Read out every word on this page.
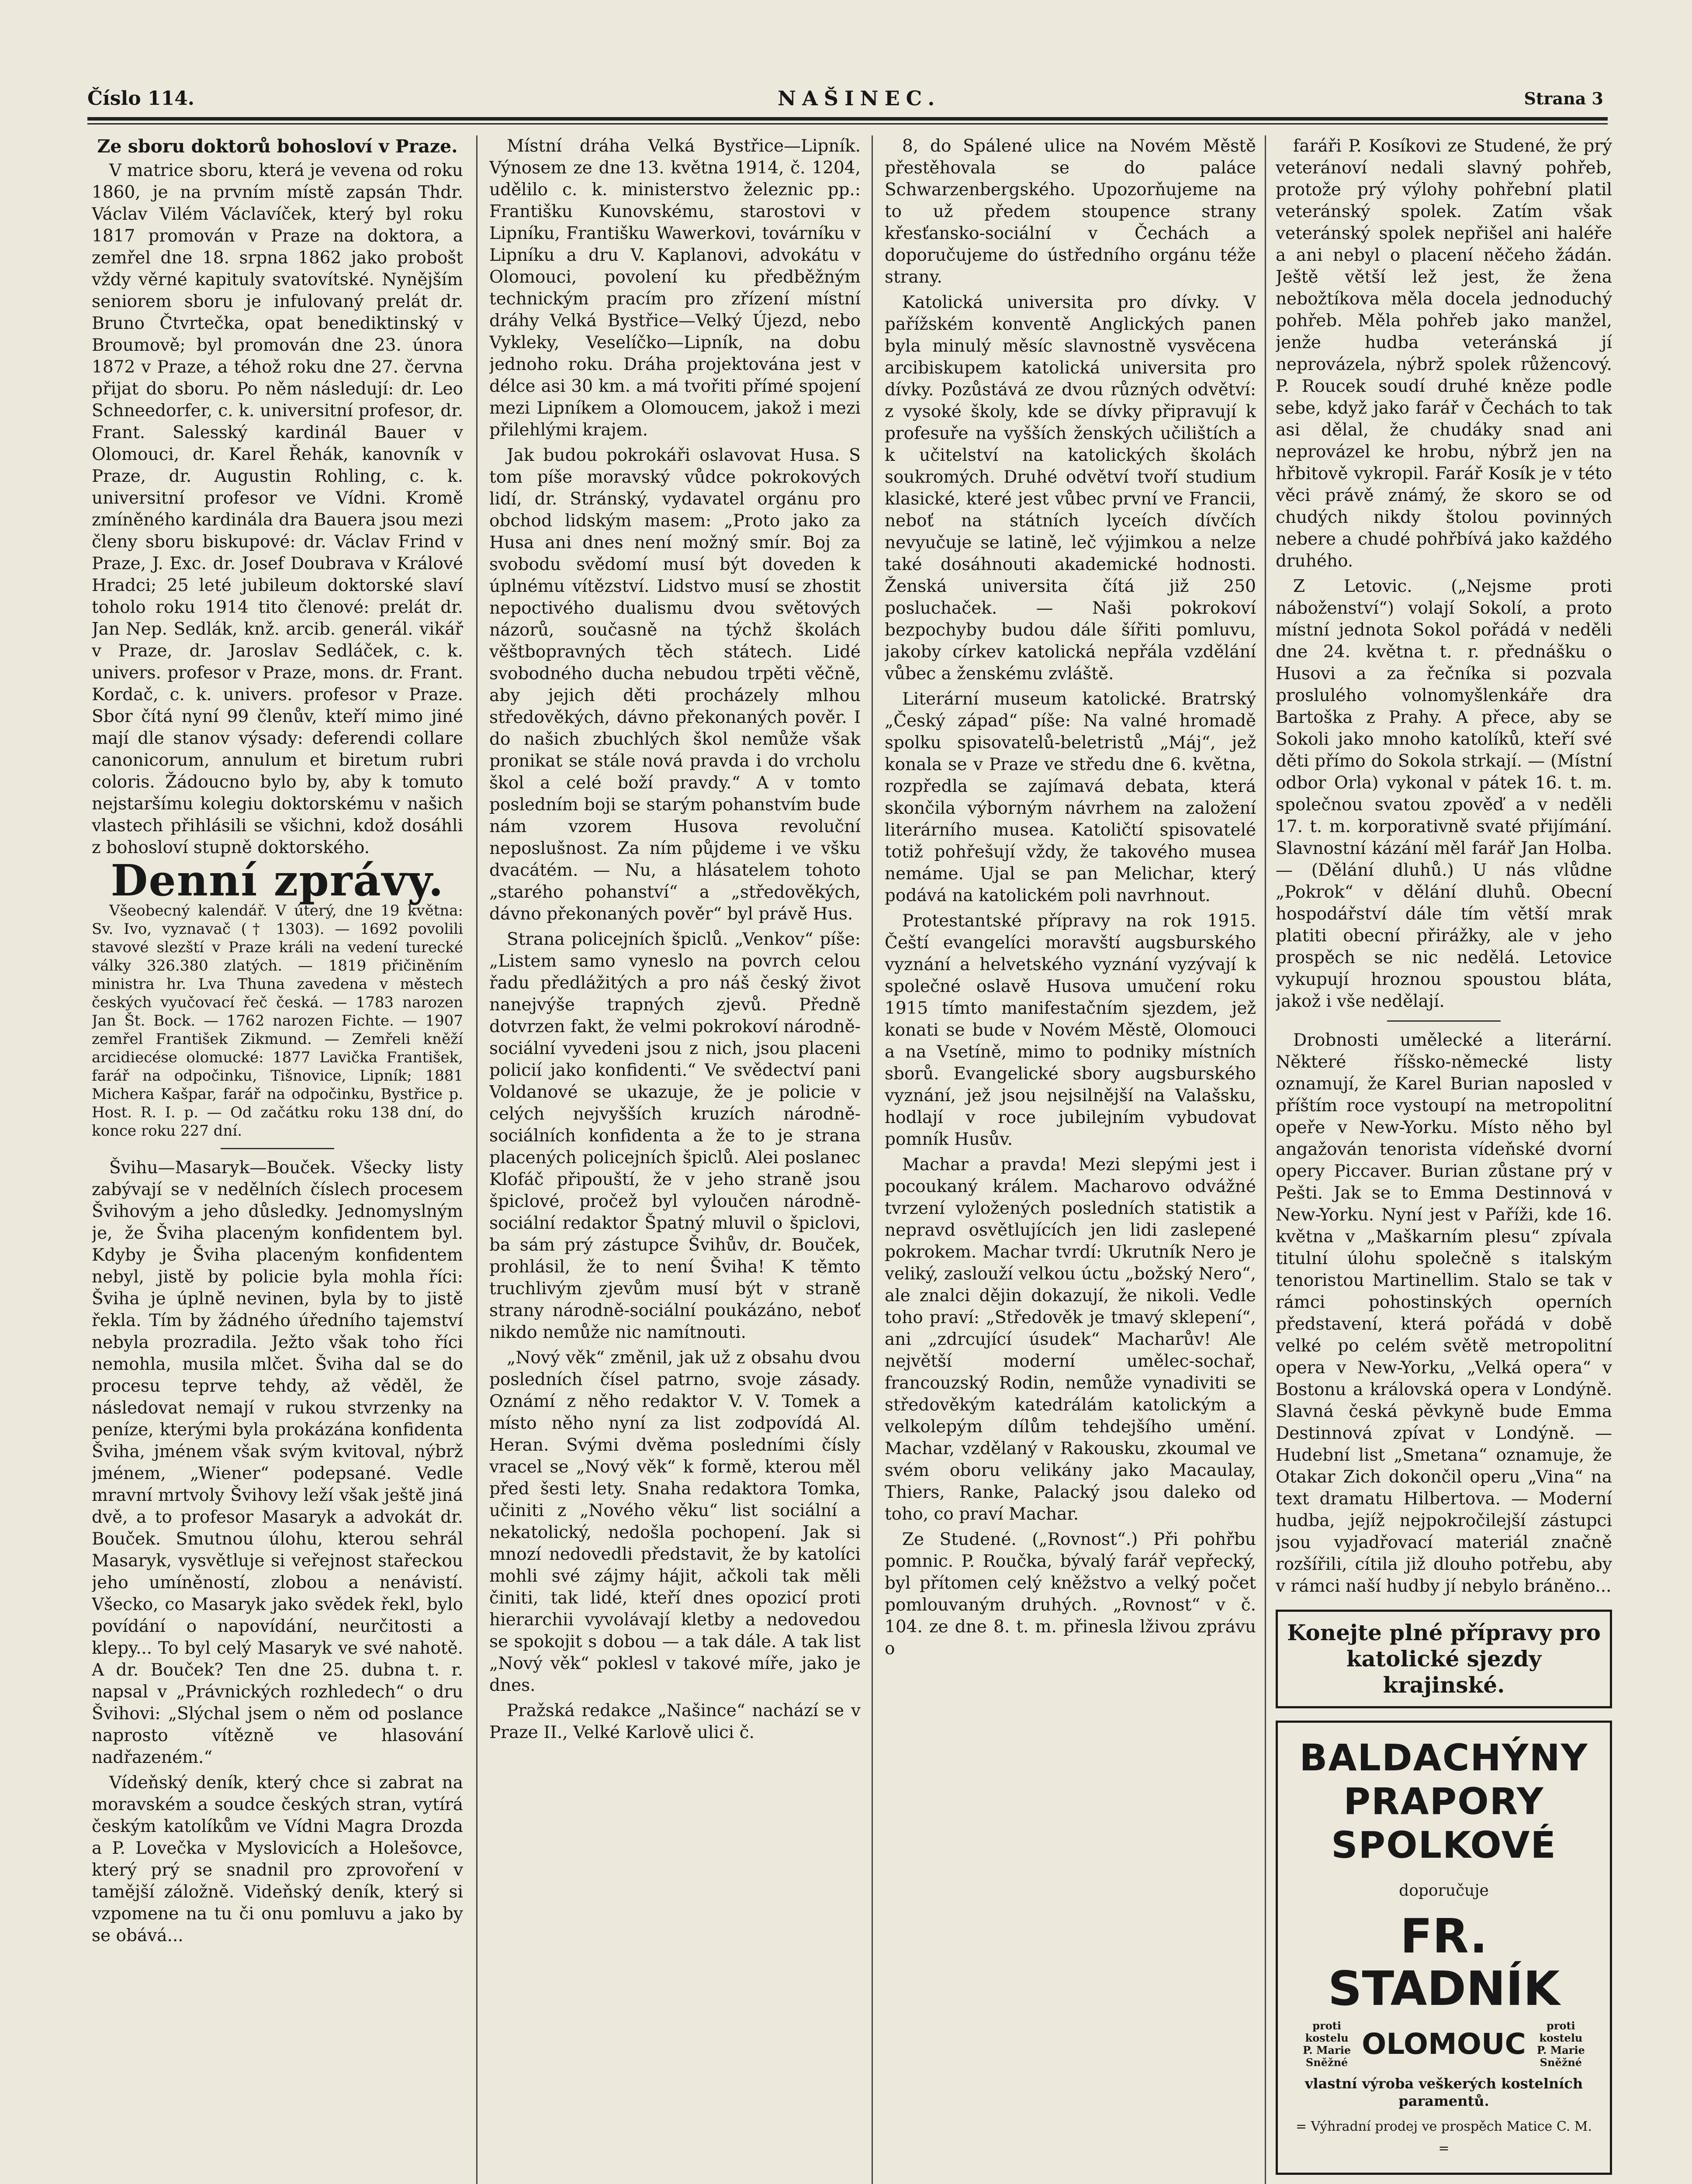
Číslo 114.	NAŠINEC.	Strana 3
Ze sboru doktorů bohosloví v Praze.

V matrice sboru, která je vevena od roku 1860, je na prvním místě zapsán Thdr. Václav Vilém Václavíček, který byl roku 1817 promován v Praze na doktora, a zemřel dne 18. srpna 1862 jako probošt vždy věrné kapituly svatovítské. Nynějším seniorem sboru je infulovaný prelát dr. Bruno Čtvrtečka, opat benediktinský v Broumově; byl promován dne 23. února 1872 v Praze, a téhož roku dne 27. června přijat do sboru. Po něm následují: dr. Leo Schneedorfer, c. k. universitní profesor, dr. Frant. Salesský kardinál Bauer v Olomouci, dr. Karel Řehák, kanovník v Praze, dr. Augustin Rohling, c. k. universitní profesor ve Vídni. Kromě zmíněného kardinála dra Bauera jsou mezi členy sboru biskupové: dr. Václav Frind v Praze, J. Exc. dr. Josef Doubrava v Králové Hradci; 25 leté jubileum doktorské slaví toholo roku 1914 tito členové: prelát dr. Jan Nep. Sedlák, knž. arcib. generál. vikář v Praze, dr. Jaroslav Sedláček, c. k. univers. profesor v Praze, mons. dr. Frant. Kordač, c. k. univers. profesor v Praze. Sbor čítá nyní 99 členův, kteří mimo jiné mají dle stanov výsady: deferendi collare canonicorum, annulum et biretum rubri coloris. Žádoucno bylo by, aby k tomuto nejstaršímu kolegiu doktorskému v našich vlastech přihlásili se všichni, kdož dosáhli z bohosloví stupně doktorského.

Denní zprávy.

Všeobecný kalendář. V úterý, dne 19 května: Sv. Ivo, vyznavač († 1303). — 1692 povolili stavové slezští v Praze králi na vedení turecké války 326.380 zlatých. — 1819 přičiněním ministra hr. Lva Thuna zavedena v městech českých vyučovací řeč česká. — 1783 narozen Jan Št. Bock. — 1762 narozen Fichte. — 1907 zemřel František Zikmund. — Zemřeli kněží arcidiecése olomucké: 1877 Lavička František, farář na odpočinku, Tišnovice, Lipník; 1881 Michera Kašpar, farář na odpočinku, Bystřice p. Host. R. I. p. — Od začátku roku 138 dní, do konce roku 227 dní.

Švihu—Masaryk—Bouček. Všecky listy zabývají se v nedělních číslech procesem Švihovým a jeho důsledky. Jednomyslným je, že Šviha placeným konfidentem byl. Kdyby je Šviha placeným konfidentem nebyl, jistě by policie byla mohla říci: Šviha je úplně nevinen, byla by to jistě řekla. Tím by žádného úředního tajemství nebyla prozradila. Ježto však toho říci nemohla, musila mlčet. Šviha dal se do procesu teprve tehdy, až věděl, že následovat nemají v rukou stvrzenky na peníze, kterými byla prokázána konfidenta Šviha, jménem však svým kvitoval, nýbrž jménem, „Wiener“ podepsané. Vedle mravní mrtvoly Švihovy leží však ještě jiná dvě, a to profesor Masaryk a advokát dr. Bouček. Smutnou úlohu, kterou sehrál Masaryk, vysvětluje si veřejnost stařeckou jeho umíněností, zlobou a nenávistí. Všecko, co Masaryk jako svědek řekl, bylo povídání o napovídání, neurčitosti a klepy... To byl celý Masaryk ve své nahotě. A dr. Bouček? Ten dne 25. dubna t. r. napsal v „Právnických rozhledech“ o dru Švihovi: „Slýchal jsem o něm od poslance naprosto vítězně ve hlasování nadřazeném.“

Vídeňský deník, který chce si zabrat na moravském a soudce českých stran, vytírá českým katolíkům ve Vídni Magra Drozda a P. Lovečka v Myslovicích a Holešovce, který prý se snadnil pro zprovoření v tamější záložně. Videňský deník, který si vzpomene na tu či onu pomluvu a jako by se obává...

Místní dráha Velká Bystřice—Lipník. Výnosem ze dne 13. května 1914, č. 1204, udělilo c. k. ministerstvo železnic pp.: Františku Kunovskému, starostovi v Lipníku, Františku Wawerkovi, továrníku v Lipníku a dru V. Kaplanovi, advokátu v Olomouci, povolení ku předběžným technickým pracím pro zřízení místní dráhy Velká Bystřice—Velký Újezd, nebo Vykleky, Veselíčko—Lipník, na dobu jednoho roku. Dráha projektována jest v délce asi 30 km. a má tvořiti přímé spojení mezi Lipníkem a Olomoucem, jakož i mezi přilehlými krajem.

Jak budou pokrokáři oslavovat Husa. S tom píše moravský vůdce pokrokových lidí, dr. Stránský, vydavatel orgánu pro obchod lidským masem: „Proto jako za Husa ani dnes není možný smír. Boj za svobodu svědomí musí být doveden k úplnému vítězství. Lidstvo musí se zhostit nepoctivého dualismu dvou světových názorů, současně na týchž školách věštbopravných těch státech. Lidé svobodného ducha nebudou trpěti věčně, aby jejich děti procházely mlhou středověkých, dávno překonaných pověr. I do našich zbuchlých škol nemůže však pronikat se stále nová pravda i do vrcholu škol a celé boží pravdy.“ A v tomto posledním boji se starým pohanstvím bude nám vzorem Husova revoluční neposlušnost. Za ním půjdeme i ve všku dvacátém. — Nu, a hlásatelem tohoto „starého pohanství“ a „středověkých, dávno překonaných pověr“ byl právě Hus.

Strana policejních špiclů. „Venkov“ píše: „Listem samo vyneslo na povrch celou řadu předlážitých a pro náš český život nanejvýše trapných zjevů. Předně dotvrzen fakt, že velmi pokrokoví národně-sociální vyvedeni jsou z nich, jsou placeni policií jako konfidenti.“ Ve svědectví pani Voldanové se ukazuje, že je policie v celých nejvyšších kruzích národně-sociálních konfidenta a že to je strana placených policejních špiclů. Alei poslanec Klofáč připouští, že v jeho straně jsou špiclové, pročež byl vyloučen národně-sociální redaktor Špatný mluvil o špiclovi, ba sám prý zástupce Švihův, dr. Bouček, prohlásil, že to není Šviha! K těmto truchlivým zjevům musí být v straně strany národně-sociální poukázáno, neboť nikdo nemůže nic namítnouti.

„Nový věk“ změnil, jak už z obsahu dvou posledních čísel patrno, svoje zásady. Oznámí z něho redaktor V. V. Tomek a místo něho nyní za list zodpovídá Al. Heran. Svými dvěma posledními čísly vracel se „Nový věk“ k formě, kterou měl před šesti lety. Snaha redaktora Tomka, učiniti z „Nového věku“ list sociální a nekatolický, nedošla pochopení. Jak si mnozí nedovedli představit, že by katolíci mohli své zájmy hájit, ačkoli tak měli činiti, tak lidé, kteří dnes opozicí proti hierarchii vyvolávají kletby a nedovedou se spokojit s dobou — a tak dále. A tak list „Nový věk“ poklesl v takové míře, jako je dnes.

Pražská redakce „Našince“ nachází se v Praze II., Velké Karlově ulici č.

8, do Spálené ulice na Novém Městě přestěhovala se do paláce Schwarzenbergského. Upozorňujeme na to už předem stoupence strany křesťansko-sociální v Čechách a doporučujeme do ústředního orgánu téže strany.

Katolická universita pro dívky. V pařížském konventě Anglických panen byla minulý měsíc slavnostně vysvěcena arcibiskupem katolická universita pro dívky. Pozůstává ze dvou různých odvětví: z vysoké školy, kde se dívky připravují k profesuře na vyšších ženských učilištích a k učitelství na katolických školách soukromých. Druhé odvětví tvoří studium klasické, které jest vůbec první ve Francii, neboť na státních lyceích dívčích nevyučuje se latině, leč výjimkou a nelze také dosáhnouti akademické hodnosti. Ženská universita čítá již 250 posluchaček. — Naši pokrokoví bezpochyby budou dále šířiti pomluvu, jakoby církev katolická nepřála vzdělání vůbec a ženskému zvláště.

Literární museum katolické. Bratrský „Český západ“ píše: Na valné hromadě spolku spisovatelů-beletristů „Máj“, jež konala se v Praze ve středu dne 6. května, rozpředla se zajímavá debata, která skončila výborným návrhem na založení literárního musea. Katoličtí spisovatelé totiž pohřešují vždy, že takového musea nemáme. Ujal se pan Melichar, který podává na katolickém poli navrhnout.

Protestantské přípravy na rok 1915. Čeští evangelíci moravští augsburského vyznání a helvetského vyznání vyzývají k společné oslavě Husova umučení roku 1915 tímto manifestačním sjezdem, jež konati se bude v Novém Městě, Olomouci a na Vsetíně, mimo to podniky místních sborů. Evangelické sbory augsburského vyznání, jež jsou nejsilnější na Valašsku, hodlají v roce jubilejním vybudovat pomník Husův.

Machar a pravda! Mezi slepými jest i pocoukaný králem. Macharovo odvážné tvrzení vyložených posledních statistik a nepravd osvětlujících jen lidi zaslepené pokrokem. Machar tvrdí: Ukrutník Nero je veliký, zaslouží velkou úctu „božský Nero“, ale znalci dějin dokazují, že nikoli. Vedle toho praví: „Středověk je tmavý sklepení“, ani „zdrcující úsudek“ Macharův! Ale největší moderní umělec-sochař, francouzský Rodin, nemůže vynadiviti se středověkým katedrálám katolickým a velkolepým dílům tehdejšího umění. Machar, vzdělaný v Rakousku, zkoumal ve svém oboru velikány jako Macaulay, Thiers, Ranke, Palacký jsou daleko od toho, co praví Machar.

Ze Studené. („Rovnost“.) Při pohřbu pomnic. P. Roučka, bývalý farář vepřecký, byl přítomen celý kněžstvo a velký počet pomlouvaným druhých. „Rovnost“ v č. 104. ze dne 8. t. m. přinesla lživou zprávu o

faráři P. Kosíkovi ze Studené, že prý veteránoví nedali slavný pohřeb, protože prý výlohy pohřební platil veteránský spolek. Zatím však veteránský spolek nepřišel ani haléře a ani nebyl o placení něčeho žádán. Ještě větší lež jest, že žena nebožtíkova měla docela jednoduchý pohřeb. Měla pohřeb jako manžel, jenže hudba veteránská jí neprovázela, nýbrž spolek růžencový. P. Roucek soudí druhé kněze podle sebe, když jako farář v Čechách to tak asi dělal, že chudáky snad ani neprovázel ke hrobu, nýbrž jen na hřbitově vykropil. Farář Kosík je v této věci právě známý, že skoro se od chudých nikdy štolou povinných nebere a chudé pohřbívá jako každého druhého.

Z Letovic. („Nejsme proti náboženství“) volají Sokolí, a proto místní jednota Sokol pořádá v neděli dne 24. května t. r. přednášku o Husovi a za řečníka si pozvala proslulého volnomyšlenkáře dra Bartoška z Prahy. A přece, aby se Sokoli jako mnoho katolíků, kteří své děti přímo do Sokola strkají. — (Místní odbor Orla) vykonal v pátek 16. t. m. společnou svatou zpověď a v neděli 17. t. m. korporativně svaté přijímání. Slavnostní kázání měl farář Jan Holba. — (Dělání dluhů.) U nás vlůdne „Pokrok“ v dělání dluhů. Obecní hospodářství dále tím větší mrak platiti obecní přirážky, ale v jeho prospěch se nic nedělá. Letovice vykupují hroznou spoustou bláta, jakož i vše nedělají.

Drobnosti umělecké a literární. Některé říšsko-německé listy oznamují, že Karel Burian naposled v příštím roce vystoupí na metropolitní opeře v New-Yorku. Místo něho byl angažován tenorista vídeňské dvorní opery Piccaver. Burian zůstane prý v Pešti. Jak se to Emma Destinnová v New-Yorku. Nyní jest v Paříži, kde 16. května v „Maškarním plesu“ zpívala titulní úlohu společně s italským tenoristou Martinellim. Stalo se tak v rámci pohostinských operních představení, která pořádá v době velké po celém světě metropolitní opera v New-Yorku, „Velká opera“ v Bostonu a královská opera v Londýně. Slavná česká pěvkyně bude Emma Destinnová zpívat v Londýně. — Hudební list „Smetana“ oznamuje, že Otakar Zich dokončil operu „Vina“ na text dramatu Hilbertova. — Moderní hudba, jejíž nejpokročilejší zástupci jsou vyjadřovací materiál značně rozšířili, cítila již dlouho potřebu, aby v rámci naší hudby jí nebylo bráněno...

Konejte plné přípravy pro katolické sjezdy krajinské.
BALDACHÝNY
PRAPORY
SPOLKOVÉ
doporučuje
FR. STADNÍK
proti kostelu P. Marie Sněžné
OLOMOUC
proti kostelu P. Marie Sněžné
vlastní výroba veškerých kostelních paramentů.
= Výhradní prodej ve prospěch Matice C. M. =
